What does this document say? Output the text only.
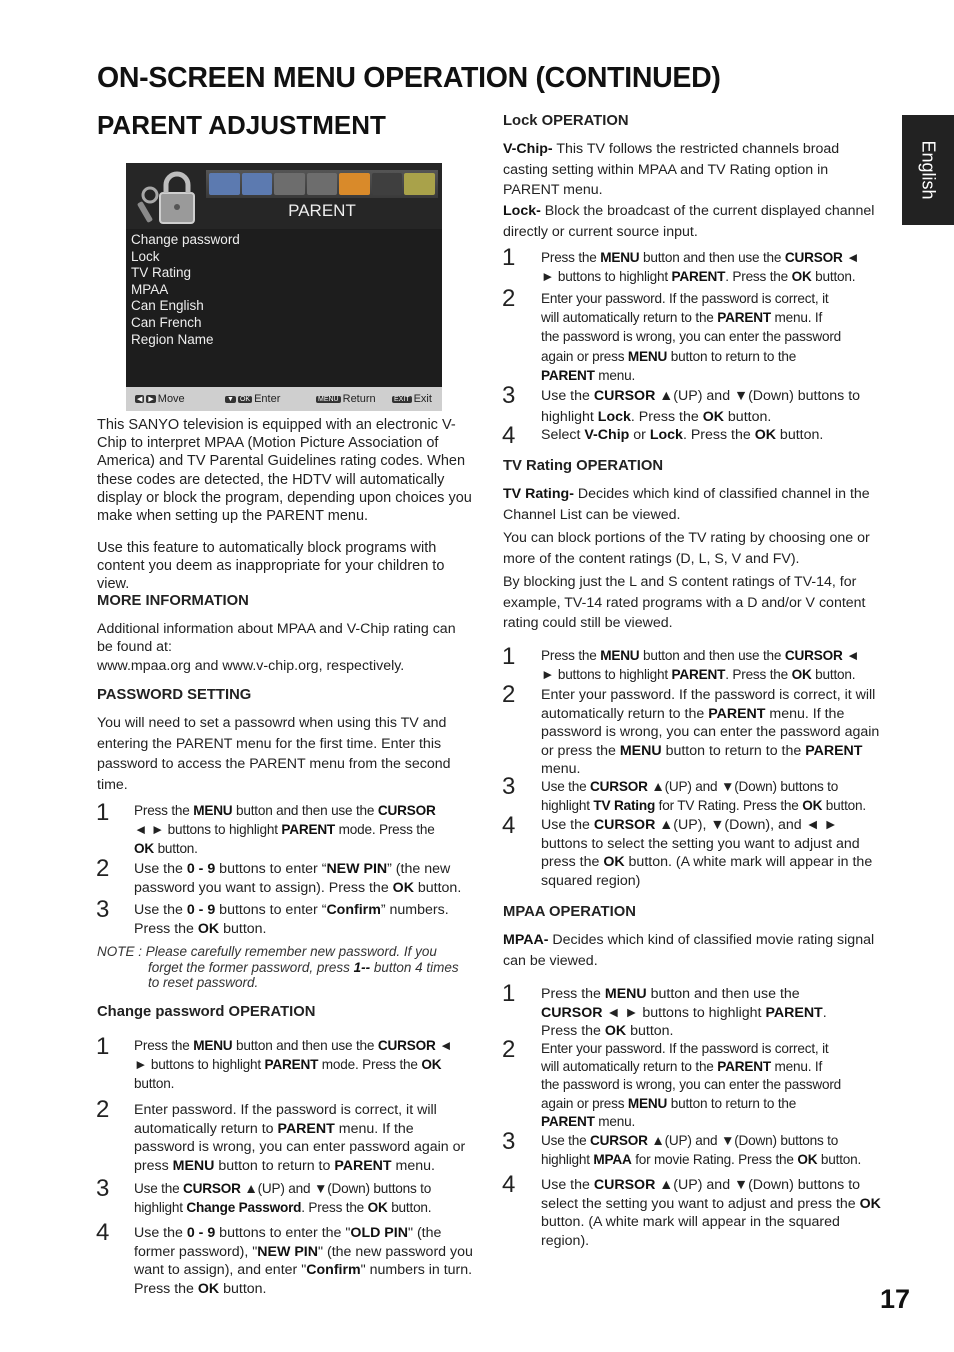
ON-SCREEN MENU OPERATION (CONTINUED)
PARENT ADJUSTMENT
English
17
PARENT
Change password
Lock
TV Rating
MPAA
Can English
Can French
Region Name
◀ ▶ Move	▼ OK Enter	MENU Return	EXIT Exit
This SANYO television is equipped with an electronic V-Chip to interpret MPAA (Motion Picture Association of America) and TV Parental Guidelines rating codes. When these codes are detected, the HDTV will automatically display or block the program, depending upon choices you make when setting up the PARENT menu.
Use this feature to automatically block programs with content you deem as inappropriate for your children to view.
MORE INFORMATION
Additional information about MPAA and V-Chip rating can be found at:
www.mpaa.org and www.v-chip.org, respectively.
PASSWORD SETTING
You will need to set a passowrd when using this TV and entering the PARENT menu for the first time. Enter this password to access the PARENT menu from the second time.
1 Press the MENU button and then use the CURSOR
◄ ► buttons to highlight PARENT mode. Press the
OK button.
2 Use the 0 - 9 buttons to enter “NEW PIN” (the new password you want to assign). Press the OK button.
3 Use the 0 - 9 buttons to enter “Confirm” numbers. Press the OK button.
NOTE : Please carefully remember new password. If you
forget the former password, press 1-- button 4 times
to reset password.
Change password OPERATION
1 Press the MENU button and then use the CURSOR ◄
► buttons to highlight PARENT mode. Press the OK
button.
2 Enter password. If the password is correct, it will automatically return to PARENT menu. If the password is wrong, you can enter password again or press MENU button to return to PARENT menu.
3 Use the CURSOR ▲(UP) and ▼(Down) buttons to
highlight Change Password. Press the OK button.
4 Use the 0 - 9 buttons to enter the "OLD PIN" (the former password), "NEW PIN" (the new password you want to assign), and enter "Confirm" numbers in turn. Press the OK button.
Lock OPERATION
V-Chip- This TV follows the restricted channels broad casting setting within MPAA and TV Rating option in PARENT menu.
Lock- Block the broadcast of the current displayed channel directly or current source input.
1 Press the MENU button and then use the CURSOR ◄
► buttons to highlight PARENT. Press the OK button.
2 Enter your password. If the password is correct, it
will automatically return to the PARENT menu. If
the password is wrong, you can enter the password
again or press MENU button to return to the
PARENT menu.
3 Use the CURSOR ▲(UP) and ▼(Down) buttons to highlight Lock. Press the OK button.
4 Select V-Chip or Lock. Press the OK button.
TV Rating OPERATION
TV Rating- Decides which kind of classified channel in the Channel List can be viewed.
You can block portions of the TV rating by choosing one or more of the content ratings (D, L, S, V and FV).
By blocking just the L and S content ratings of TV-14, for example, TV-14 rated programs with a D and/or V content rating could still be viewed.
1 Press the MENU button and then use the CURSOR ◄
► buttons to highlight PARENT. Press the OK button.
2 Enter your password. If the password is correct, it will automatically return to the PARENT menu. If the password is wrong, you can enter the password again or press the MENU button to return to the PARENT menu.
3 Use the CURSOR ▲(UP) and ▼(Down) buttons to
highlight TV Rating for TV Rating. Press the OK button.
4 Use the CURSOR ▲(UP), ▼(Down), and ◄ ► buttons to select the setting you want to adjust and press the OK button. (A white mark will appear in the squared region)
MPAA OPERATION
MPAA- Decides which kind of classified movie rating signal can be viewed.
1 Press the MENU button and then use the
CURSOR ◄ ► buttons to highlight PARENT.
Press the OK button.
2 Enter your password. If the password is correct, it
will automatically return to the PARENT menu. If
the password is wrong, you can enter the password
again or press MENU button to return to the
PARENT menu.
3 Use the CURSOR ▲(UP) and ▼(Down) buttons to
highlight MPAA for movie Rating. Press the OK button.
4 Use the CURSOR ▲(UP) and ▼(Down) buttons to select the setting you want to adjust and press the OK button. (A white mark will appear in the squared region).
